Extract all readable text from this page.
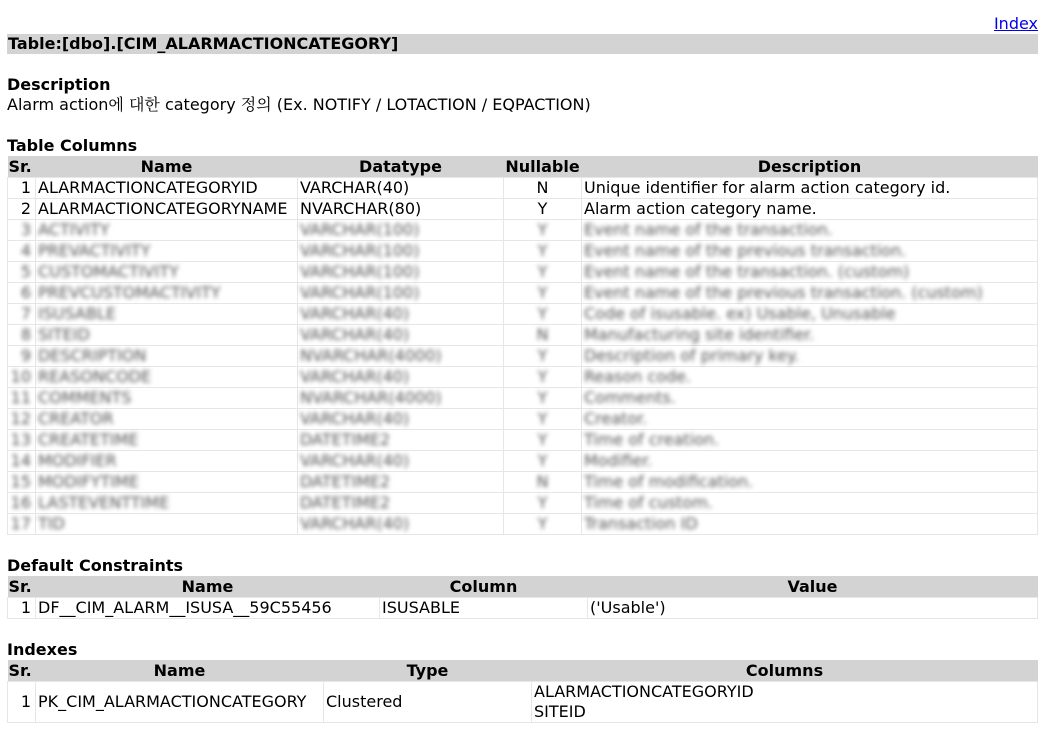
Index
Table:[dbo].[CIM_ALARMACTIONCATEGORY]
Description
Alarm action에 대한 category 정의 (Ex. NOTIFY / LOTACTION / EQPACTION)
Table Columns
Sr.	Name	Datatype	Nullable	Description
1	ALARMACTIONCATEGORYID	VARCHAR(40)	N	Unique identifier for alarm action category id.
2	ALARMACTIONCATEGORYNAME	NVARCHAR(80)	Y	Alarm action category name.
3	ACTIVITY	VARCHAR(100)	Y	Event name of the transaction.
4	PREVACTIVITY	VARCHAR(100)	Y	Event name of the previous transaction.
5	CUSTOMACTIVITY	VARCHAR(100)	Y	Event name of the transaction. (custom)
6	PREVCUSTOMACTIVITY	VARCHAR(100)	Y	Event name of the previous transaction. (custom)
7	ISUSABLE	VARCHAR(40)	Y	Code of isusable. ex) Usable, Unusable
8	SITEID	VARCHAR(40)	N	Manufacturing site identifier.
9	DESCRIPTION	NVARCHAR(4000)	Y	Description of primary key.
10	REASONCODE	VARCHAR(40)	Y	Reason code.
11	COMMENTS	NVARCHAR(4000)	Y	Comments.
12	CREATOR	VARCHAR(40)	Y	Creator.
13	CREATETIME	DATETIME2	Y	Time of creation.
14	MODIFIER	VARCHAR(40)	Y	Modifier.
15	MODIFYTIME	DATETIME2	N	Time of modification.
16	LASTEVENTTIME	DATETIME2	Y	Time of custom.
17	TID	VARCHAR(40)	Y	Transaction ID
Default Constraints
Sr.	Name	Column	Value
1	DF__CIM_ALARM__ISUSA__59C55456	ISUSABLE	('Usable')
Indexes
Sr.	Name	Type	Columns
1	PK_CIM_ALARMACTIONCATEGORY	Clustered	ALARMACTIONCATEGORYID
SITEID
